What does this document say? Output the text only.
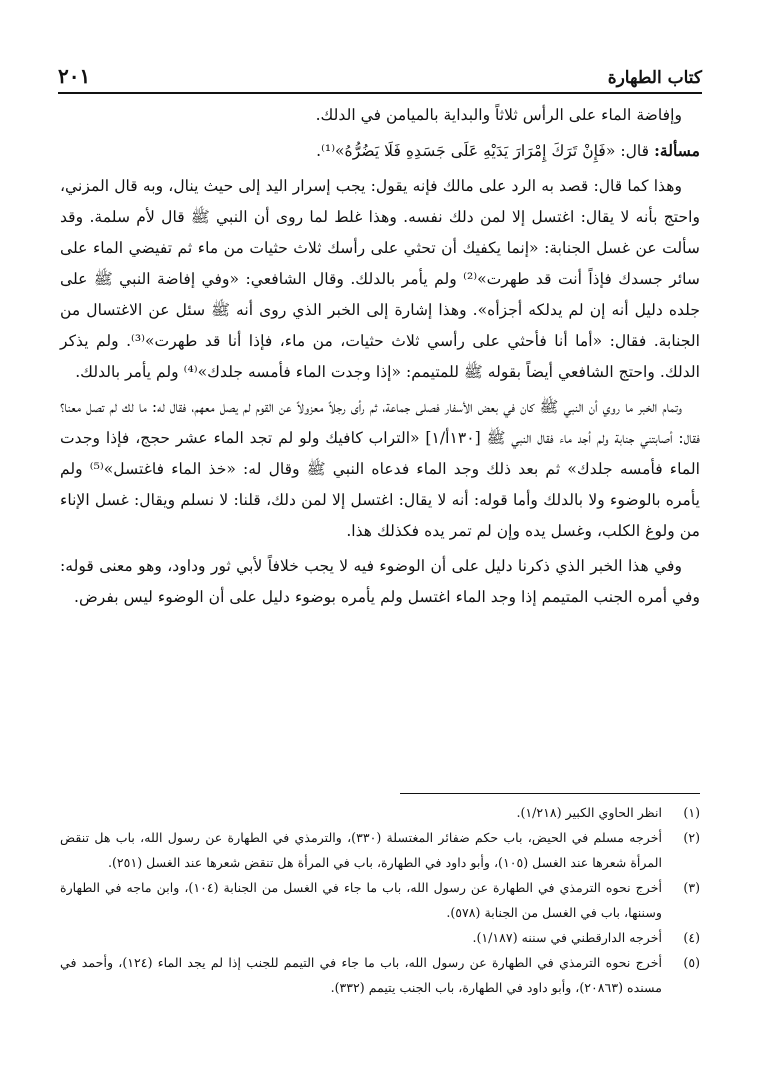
كتاب الطهارة
٢٠١

وإفاضة الماء على الرأس ثلاثاً والبداية بالميامن في الدلك.

مسألة: قال: «فَإِنْ تَرَكَ إِمْرَارَ يَدَيْهِ عَلَى جَسَدِهِ فَلَا يَضُرُّهُ»⁽¹⁾.

وهذا كما قال: قصد به الرد على مالك فإنه يقول: يجب إسرار اليد إلى حيث ينال، وبه قال المزني، واحتج بأنه لا يقال: اغتسل إلا لمن دلك نفسه. وهذا غلط لما روى أن النبي ﷺ قال لأم سلمة. وقد سألت عن غسل الجنابة: «إنما يكفيك أن تحثي على رأسك ثلاث حثيات من ماء ثم تفيضي الماء على سائر جسدك فإذاً أنت قد طهرت»⁽²⁾ ولم يأمر بالدلك. وقال الشافعي: «وفي إفاضة النبي ﷺ على جلده دليل أنه إن لم يدلكه أجزأه». وهذا إشارة إلى الخبر الذي روى أنه ﷺ سئل عن الاغتسال من الجنابة. فقال: «أما أنا فأحثي على رأسي ثلاث حثيات، من ماء، فإذا أنا قد طهرت»⁽³⁾. ولم يذكر الدلك. واحتج الشافعي أيضاً بقوله ﷺ للمتيمم: «إذا وجدت الماء فأمسه جلدك»⁽⁴⁾ ولم يأمر بالدلك.

وتمام الخبر ما روي أن النبي ﷺ كان في بعض الأسفار فصلى جماعة، ثم رأى رجلاً معزولاً عن القوم لم يصل معهم، فقال له: ما لك لم تصل معنا؟ فقال: أصابتني جنابة ولم أجد ماء فقال النبي ﷺ [١٣٠أ/١] «التراب كافيك ولو لم تجد الماء عشر حجج، فإذا وجدت الماء فأمسه جلدك» ثم بعد ذلك وجد الماء فدعاه النبي ﷺ وقال له: «خذ الماء فاغتسل»⁽⁵⁾ ولم يأمره بالوضوء ولا بالدلك وأما قوله: أنه لا يقال: اغتسل إلا لمن دلك، قلنا: لا نسلم ويقال: غسل الإناء من ولوغ الكلب، وغسل يده وإن لم تمر يده فكذلك هذا.

وفي هذا الخبر الذي ذكرنا دليل على أن الوضوء فيه لا يجب خلافاً لأبي ثور وداود، وهو معنى قوله: وفي أمره الجنب المتيمم إذا وجد الماء اغتسل ولم يأمره بوضوء دليل على أن الوضوء ليس بفرض.

(١)
انظر الحاوي الكبير (١/٢١٨).
(٢)
أخرجه مسلم في الحيض، باب حكم ضفائر المغتسلة (٣٣٠)، والترمذي في الطهارة عن رسول الله، باب هل تنقض المرأة شعرها عند الغسل (١٠٥)، وأبو داود في الطهارة، باب في المرأة هل تنقض شعرها عند الغسل (٢٥١).
(٣)
أخرج نحوه الترمذي في الطهارة عن رسول الله، باب ما جاء في الغسل من الجنابة (١٠٤)، وابن ماجه في الطهارة وسننها، باب في الغسل من الجنابة (٥٧٨).
(٤)
أخرجه الدارقطني في سننه (١/١٨٧).
(٥)
أخرج نحوه الترمذي في الطهارة عن رسول الله، باب ما جاء في التيمم للجنب إذا لم يجد الماء (١٢٤)، وأحمد في مسنده (٢٠٨٦٣)، وأبو داود في الطهارة، باب الجنب يتيمم (٣٣٢).
